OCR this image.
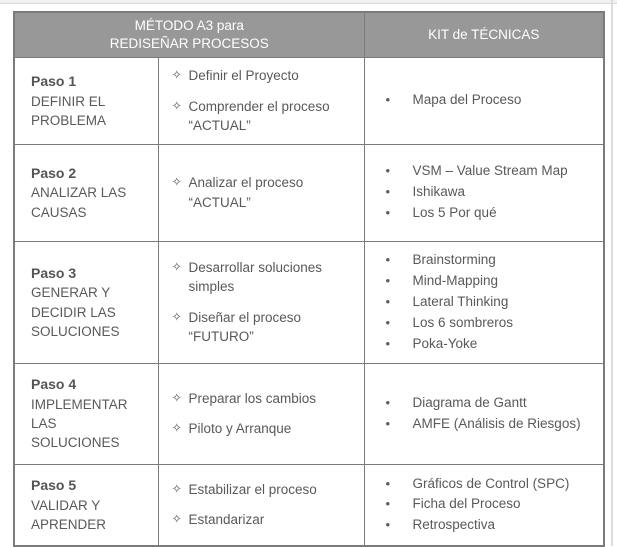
MÉTODO A3 para
REDISEÑAR PROCESOS		KIT de TÉCNICAS

Paso 1
DEFINIR EL PROBLEMA

✧ Definir el Proyecto
✧ Comprender el proceso “ACTUAL”

•	Mapa del Proceso

Paso 2
ANALIZAR LAS CAUSAS

✧ Analizar el proceso “ACTUAL”

•	VSM – Value Stream Map
•	Ishikawa
•	Los 5 Por qué

Paso 3
GENERAR Y DECIDIR LAS SOLUCIONES

✧ Desarrollar soluciones simples
✧ Diseñar el proceso “FUTURO”

•	Brainstorming
•	Mind-Mapping
•	Lateral Thinking
•	Los 6 sombreros
•	Poka-Yoke

Paso 4
IMPLEMENTAR LAS SOLUCIONES

✧ Preparar los cambios
✧ Piloto y Arranque

•	Diagrama de Gantt
•	AMFE (Análisis de Riesgos)

Paso 5
VALIDAR Y APRENDER

✧ Estabilizar el proceso
✧ Estandarizar

•	Gráficos de Control (SPC)
•	Ficha del Proceso
•	Retrospectiva
